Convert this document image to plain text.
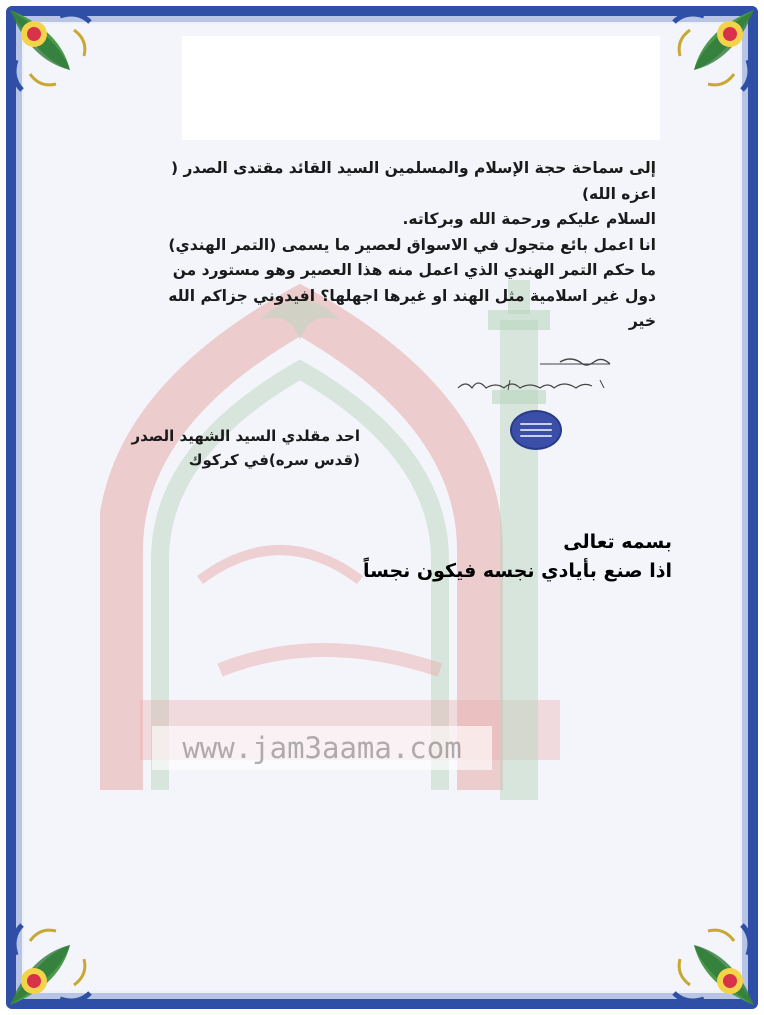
www.jam3aama.com

إلى سماحة حجة الإسلام والمسلمين السيد القائد مقتدى الصدر (

اعزه الله)

السلام عليكم ورحمة الله وبركاته.

انا اعمل بائع متجول في الاسواق لعصير ما يسمى (التمر الهندي)

ما حكم التمر الهندي الذي اعمل منه هذا العصير وهو مستورد من

دول غير اسلامية مثل الهند او غيرها اجهلها؟ افيدوني جزاكم الله

خير

احد مقلدي السيد الشهيد الصدر

(قدس سره)في كركوك

بسمه تعالى

اذا صنع بأيادي نجسه فيكون نجساً
